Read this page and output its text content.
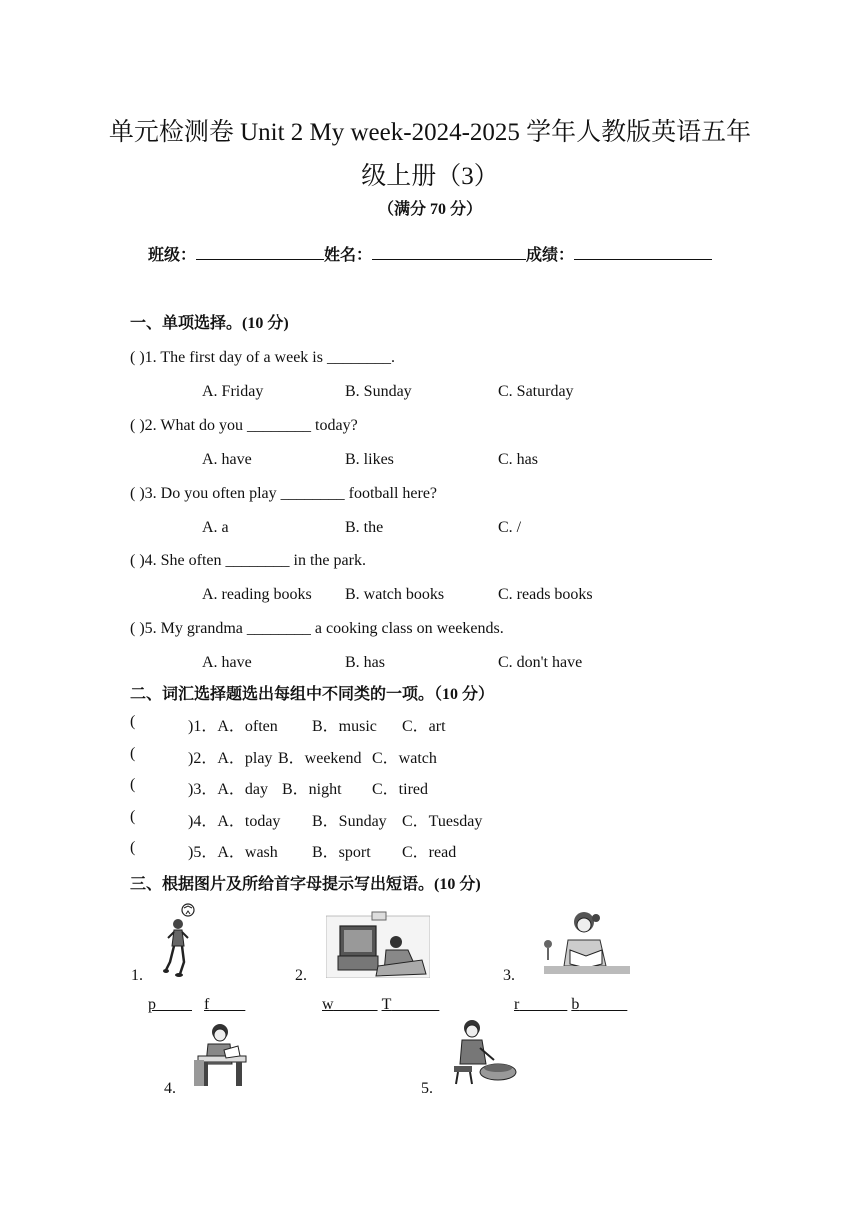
单元检测卷 Unit 2 My week-2024-2025 学年人教版英语五年
级上册（3）
（满分 70 分）
班级：	姓名：	成绩：
一、单项选择。(10 分)
( )1. The first day of a week is ________.
A. Friday	B. Sunday	C. Saturday
( )2. What do you ________ today?
A. have	B. likes	C. has
( )3. Do you often play ________ football here?
A. a	B. the	C. /
( )4. She often ________ in the park.
A. reading books B. watch books	C. reads books
( )5. My grandma ________ a cooking class on weekends.
A. have	B. has	C. don't have
二、词汇选择题选出每组中不同类的一项。（10 分）
(	)1．A．often B．music C．art
(	)2．A．play B．weekend C．watch
(	)3．A．day B．night C．tired
(	)4．A．today B．Sunday C．Tuesday
(	)5．A．wash B．sport C．read
三、根据图片及所给首字母提示写出短语。(10 分)
1.	2.	3.
p	f	w	T	r	b
4.	5.
